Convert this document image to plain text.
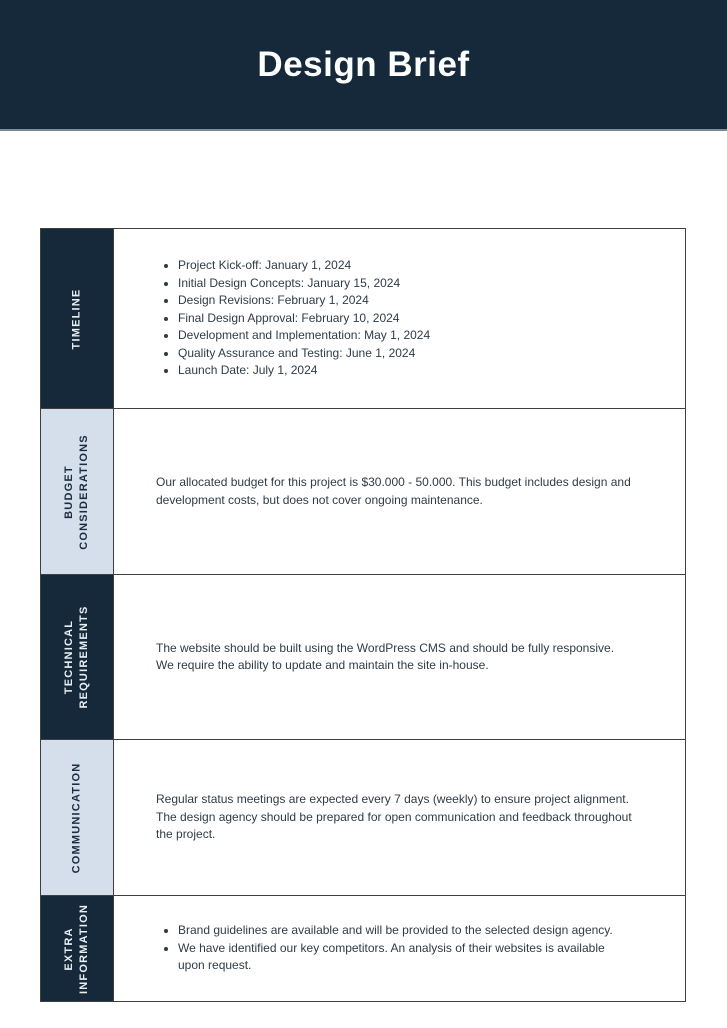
Design Brief
TIMELINE

• Project Kick-off: January 1, 2024
• Initial Design Concepts: January 15, 2024
• Design Revisions: February 1, 2024
• Final Design Approval: February 10, 2024
• Development and Implementation: May 1, 2024
• Quality Assurance and Testing: June 1, 2024
• Launch Date: July 1, 2024

BUDGET CONSIDERATIONS	Our allocated budget for this project is $30.000 - 50.000. This budget includes design and development costs, but does not cover ongoing maintenance.

TECHNICAL REQUIREMENTS	The website should be built using the WordPress CMS and should be fully responsive. We require the ability to update and maintain the site in-house.

COMMUNICATION	Regular status meetings are expected every 7 days (weekly) to ensure project alignment. The design agency should be prepared for open communication and feedback throughout the project.

EXTRA INFORMATION

•Brand guidelines are available and will be provided to the selected design agency.
• We have identified our key competitors. An analysis of their websites is available upon request.
